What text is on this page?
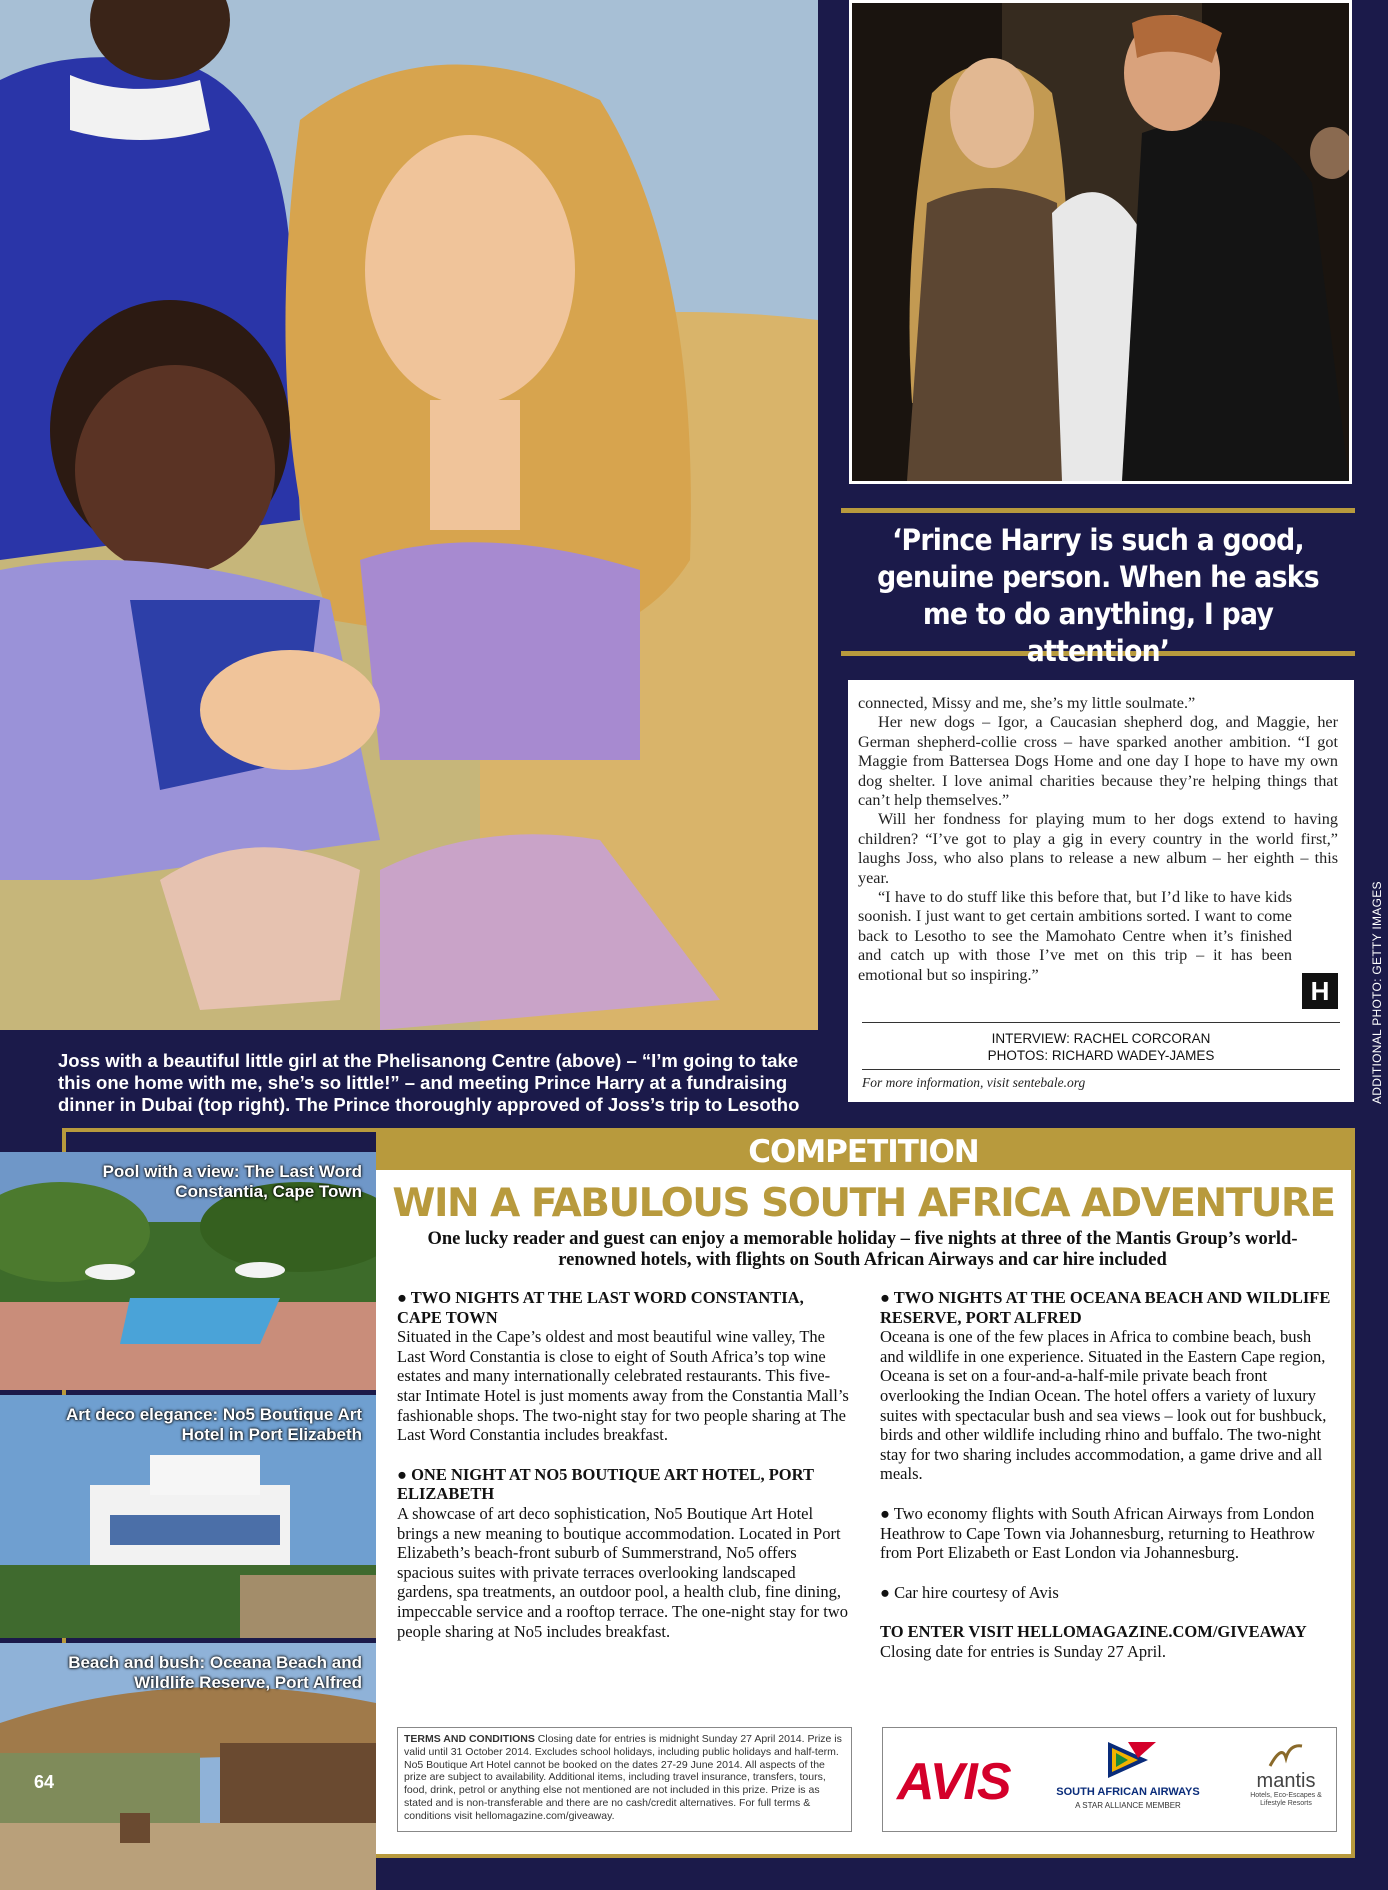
Joss with a beautiful little girl at the Phelisanong Centre (above) – “I’m going to take this one home with me, she’s so little!” – and meeting Prince Harry at a fundraising dinner in Dubai (top right). The Prince thoroughly approved of Joss’s trip to Lesotho
‘Prince Harry is such a good, genuine person. When he asks me to do anything, I pay attention’

connected, Missy and me, she’s my little soulmate.”

Her new dogs – Igor, a Caucasian shepherd dog, and Maggie, her German shepherd-collie cross – have sparked another ambition. “I got Maggie from Battersea Dogs Home and one day I hope to have my own dog shelter. I love animal charities because they’re helping things that can’t help themselves.”

Will her fondness for playing mum to her dogs extend to having children? “I’ve got to play a gig in every country in the world first,” laughs Joss, who also plans to release a new album – her eighth – this year.

“I have to do stuff like this before that, but I’d like to have kids soonish. I just want to get certain ambitions sorted. I want to come back to Lesotho to see the Mamohato Centre when it’s finished and catch up with those I’ve met on this trip – it has been emotional but so inspiring.”

H
INTERVIEW: RACHEL CORCORAN
PHOTOS: RICHARD WADEY-JAMES
For more information, visit sentebale.org	ADDITIONAL PHOTO: GETTY IMAGES
COMPETITION
WIN A FABULOUS SOUTH AFRICA ADVENTURE
One lucky reader and guest can enjoy a memorable holiday – five nights at three of the Mantis Group’s world-renowned hotels, with flights on South African Airways and car hire included
● TWO NIGHTS AT THE LAST WORD CONSTANTIA, CAPE TOWN

Situated in the Cape’s oldest and most beautiful wine valley, The Last Word Constantia is close to eight of South Africa’s top wine estates and many internationally celebrated restaurants. This five-star Intimate Hotel is just moments away from the Constantia Mall’s fashionable shops. The two-night stay for two people sharing at The Last Word Constantia includes breakfast.

● ONE NIGHT AT NO5 BOUTIQUE ART HOTEL, PORT ELIZABETH

A showcase of art deco sophistication, No5 Boutique Art Hotel brings a new meaning to boutique accommodation. Located in Port Elizabeth’s beach-front suburb of Summerstrand, No5 offers spacious suites with private terraces overlooking landscaped gardens, spa treatments, an outdoor pool, a health club, fine dining, impeccable service and a rooftop terrace. The one-night stay for two people sharing at No5 includes breakfast.

● TWO NIGHTS AT THE OCEANA BEACH AND WILDLIFE RESERVE, PORT ALFRED

Oceana is one of the few places in Africa to combine beach, bush and wildlife in one experience. Situated in the Eastern Cape region, Oceana is set on a four-and-a-half-mile private beach front overlooking the Indian Ocean. The hotel offers a variety of luxury suites with spectacular bush and sea views – look out for bushbuck, birds and other wildlife including rhino and buffalo. The two-night stay for two sharing includes accommodation, a game drive and all meals.

● Two economy flights with South African Airways from London Heathrow to Cape Town via Johannesburg, returning to Heathrow from Port Elizabeth or East London via Johannesburg.

● Car hire courtesy of Avis

TO ENTER VISIT HELLOMAGAZINE.COM/GIVEAWAY
Closing date for entries is Sunday 27 April.
TERMS AND CONDITIONS Closing date for entries is midnight Sunday 27 April 2014. Prize is valid until 31 October 2014. Excludes school holidays, including public holidays and half-term. No5 Boutique Art Hotel cannot be booked on the dates 27-29 June 2014. All aspects of the prize are subject to availability. Additional items, including travel insurance, transfers, tours, food, drink, petrol or anything else not mentioned are not included in this prize. Prize is as stated and is non-transferable and there are no cash/credit alternatives. For full terms & conditions visit hellomagazine.com/giveaway.
AVIS	SOUTH AFRICAN AIRWAYS
A STAR ALLIANCE MEMBER
mantis
Hotels, Eco-Escapes & Lifestyle Resorts
Pool with a view: The Last Word Constantia, Cape Town
Art deco elegance: No5 Boutique Art Hotel in Port Elizabeth
Beach and bush: Oceana Beach and Wildlife Reserve, Port Alfred
64
